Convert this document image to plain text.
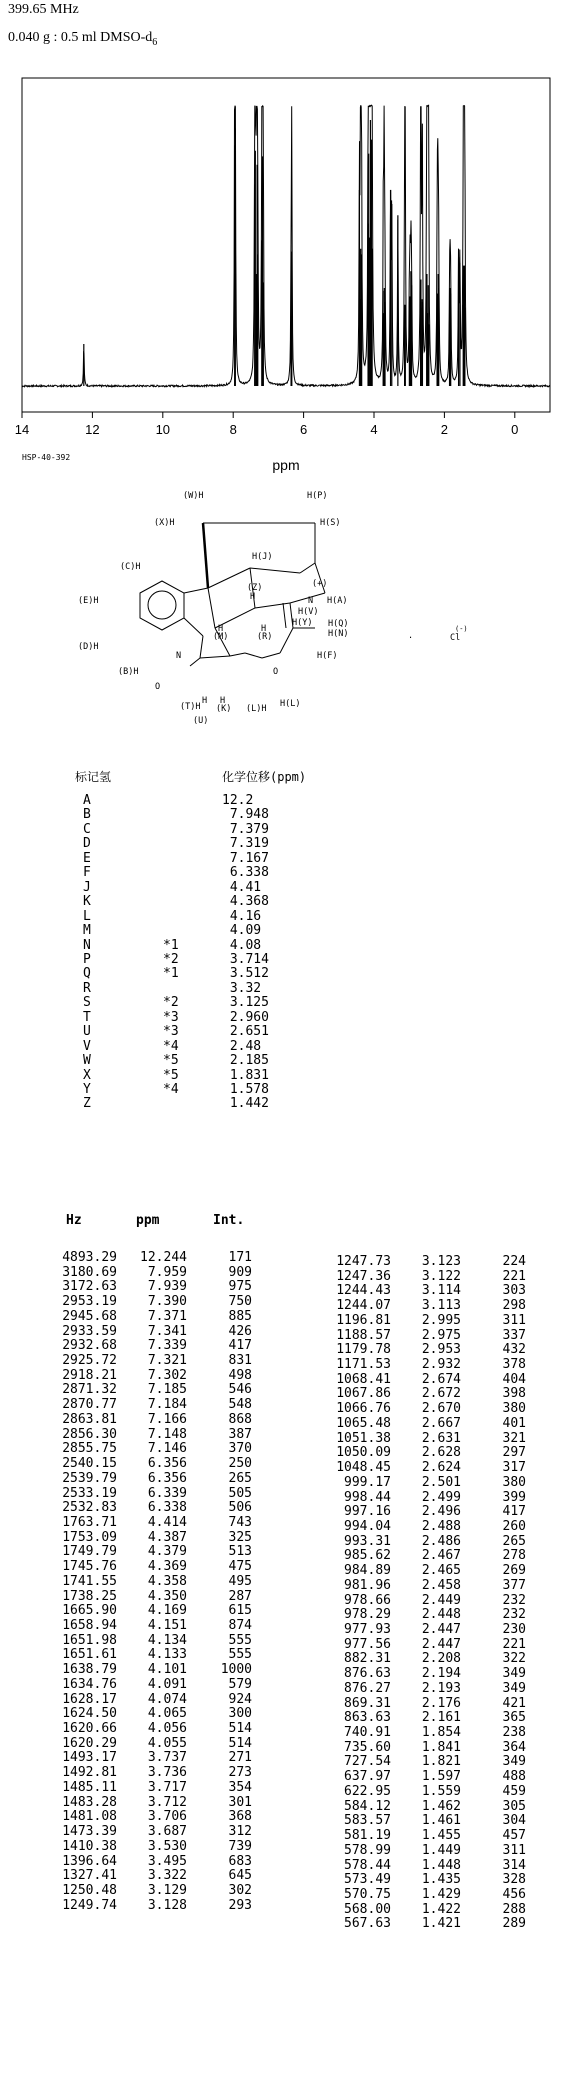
399.65 MHz
0.040 g : 0.5 ml DMSO-$d_6$
14	12	10	8	6	4	2	0
ppm
HSP-40-392
(W)H
(X)H
H(P)
H(S)
(C)H
H(J)
(E)H
(+)
N H(A)
(Z)
H
H(V)
H(Y) H(Q)
H(N)
(D)H
(M)
H
(R)
H
H(F)
(B)H
N
O
O
(T)H
H
(U)
(K)
H
(L)H H(L)
.
(-)
Cl
标记氢	化学位移(ppm)
A	12.2
B	7.948
C	7.379
D	7.319
E	7.167
F	6.338
J	4.41
K	4.368
L	4.16
M	4.09
N	*1	4.08
P	*2	3.714
Q	*1	3.512
R	3.32
S	*2	3.125
T	*3	2.960
U	*3	2.651
V	*4	2.48
W	*5	2.185
X	*5	1.831
Y	*4	1.578
Z	1.442
Hz	ppm	Int.
4893.29 12.244	171
3180.69 7.959	909
3172.63 7.939	975
2953.19 7.390	750
2945.68 7.371	885
2933.59 7.341	426
2932.68 7.339	417
2925.72 7.321	831
2918.21 7.302	498
2871.32 7.185	546
2870.77 7.184	548
2863.81 7.166	868
2856.30 7.148	387
2855.75 7.146	370
2540.15 6.356	250
2539.79 6.356	265
2533.19 6.339	505
2532.83 6.338	506
1763.71 4.414	743
1753.09 4.387	325
1749.79 4.379	513
1745.76 4.369	475
1741.55 4.358	495
1738.25 4.350	287
1665.90 4.169	615
1658.94 4.151	874
1651.98 4.134	555
1651.61 4.133	555
1638.79 4.101	1000
1634.76 4.091	579
1628.17 4.074	924
1624.50 4.065	300
1620.66 4.056	514
1620.29 4.055	514
1493.17 3.737	271
1492.81 3.736	273
1485.11 3.717	354
1483.28 3.712	301
1481.08 3.706	368
1473.39 3.687	312
1410.38 3.530	739
1396.64 3.495	683
1327.41 3.322	645
1250.48 3.129	302
1249.74 3.128	293
1247.73 3.123	224
1247.36 3.122	221
1244.43 3.114	303
1244.07 3.113	298
1196.81 2.995	311
1188.57 2.975	337
1179.78 2.953	432
1171.53 2.932	378
1068.41 2.674	404
1067.86 2.672	398
1066.76 2.670	380
1065.48 2.667	401
1051.38 2.631	321
1050.09 2.628	297
1048.45 2.624	317
999.17 2.501	380
998.44 2.499	399
997.16 2.496	417
994.04 2.488	260
993.31 2.486	265
985.62 2.467	278
984.89 2.465	269
981.96 2.458	377
978.66 2.449	232
978.29 2.448	232
977.93 2.447	230
977.56 2.447	221
882.31 2.208	322
876.63 2.194	349
876.27 2.193	349
869.31 2.176	421
863.63 2.161	365
740.91 1.854	238
735.60 1.841	364
727.54 1.821	349
637.97 1.597	488
622.95 1.559	459
584.12 1.462	305
583.57 1.461	304
581.19 1.455	457
578.99 1.449	311
578.44 1.448	314
573.49 1.435	328
570.75 1.429	456
568.00 1.422	288
567.63 1.421	289
